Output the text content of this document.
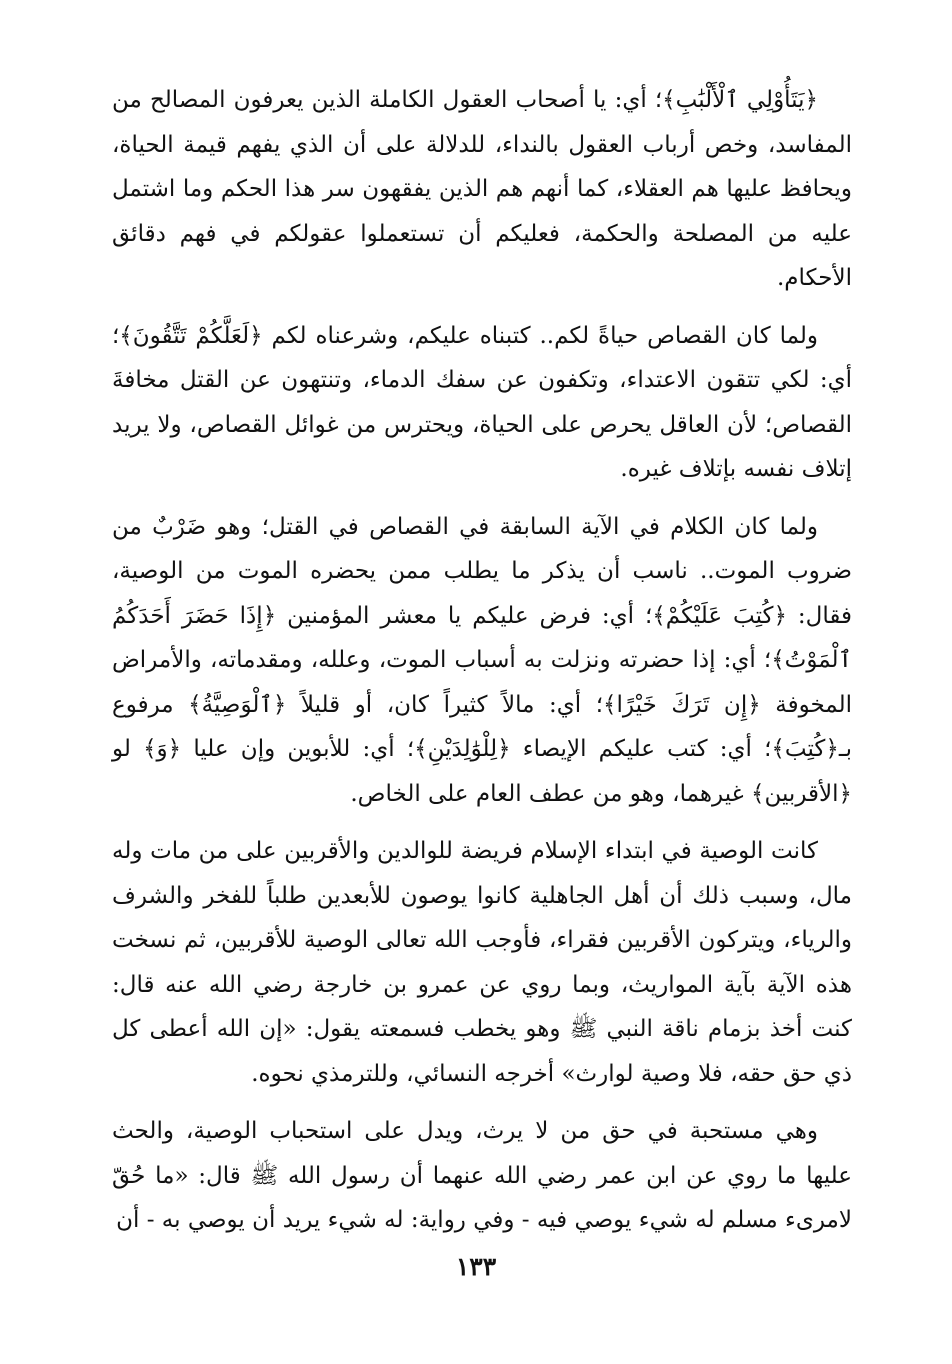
﴿يَتَأُوْلِي ٱلْأَلْبَٰبِ﴾؛ أي: يا أصحاب العقول الكاملة الذين يعرفون المصالح من المفاسد، وخص أرباب العقول بالنداء، للدلالة على أن الذي يفهم قيمة الحياة، ويحافظ عليها هم العقلاء، كما أنهم هم الذين يفقهون سر هذا الحكم وما اشتمل عليه من المصلحة والحكمة، فعليكم أن تستعملوا عقولكم في فهم دقائق الأحكام.

ولما كان القصاص حياةً لكم.. كتبناه عليكم، وشرعناه لكم ﴿لَعَلَّكُمْ تَتَّقُونَ﴾؛ أي: لكي تتقون الاعتداء، وتكفون عن سفك الدماء، وتنتهون عن القتل مخافةَ القصاص؛ لأن العاقل يحرص على الحياة، ويحترس من غوائل القصاص، ولا يريد إتلاف نفسه بإتلاف غيره.

ولما كان الكلام في الآية السابقة في القصاص في القتل؛ وهو ضَرْبٌ من ضروب الموت.. ناسب أن يذكر ما يطلب ممن يحضره الموت من الوصية، فقال: ﴿كُتِبَ عَلَيْكُمْ﴾؛ أي: فرض عليكم يا معشر المؤمنين ﴿إِذَا حَضَرَ أَحَدَكُمُ ٱلْمَوْتُ﴾؛ أي: إذا حضرته ونزلت به أسباب الموت، وعلله، ومقدماته، والأمراض المخوفة ﴿إِن تَرَكَ خَيْرًا﴾؛ أي: مالاً كثيراً كان، أو قليلاً ﴿ٱلْوَصِيَّةُ﴾ مرفوع بـ﴿كُتِبَ﴾؛ أي: كتب عليكم الإيصاء ﴿لِلْوَٰلِدَيْنِ﴾؛ أي: للأبوين وإن عليا ﴿وَ﴾ لو ﴿الأقربين﴾ غيرهما، وهو من عطف العام على الخاص.

كانت الوصية في ابتداء الإسلام فريضة للوالدين والأقربين على من مات وله مال، وسبب ذلك أن أهل الجاهلية كانوا يوصون للأبعدين طلباً للفخر والشرف والرياء، ويتركون الأقربين فقراء، فأوجب الله تعالى الوصية للأقربين، ثم نسخت هذه الآية بآية المواريث، وبما روي عن عمرو بن خارجة رضي الله عنه قال: كنت أخذ بزمام ناقة النبي ﷺ وهو يخطب فسمعته يقول: «إن الله أعطى كل ذي حق حقه، فلا وصية لوارث» أخرجه النسائي، وللترمذي نحوه.

وهي مستحبة في حق من لا يرث، ويدل على استحباب الوصية، والحث عليها ما روي عن ابن عمر رضي الله عنهما أن رسول الله ﷺ قال: «ما حُقّ لامرىء مسلم له شيء يوصي فيه - وفي رواية: له شيء يريد أن يوصي به - أن

١٣٣
